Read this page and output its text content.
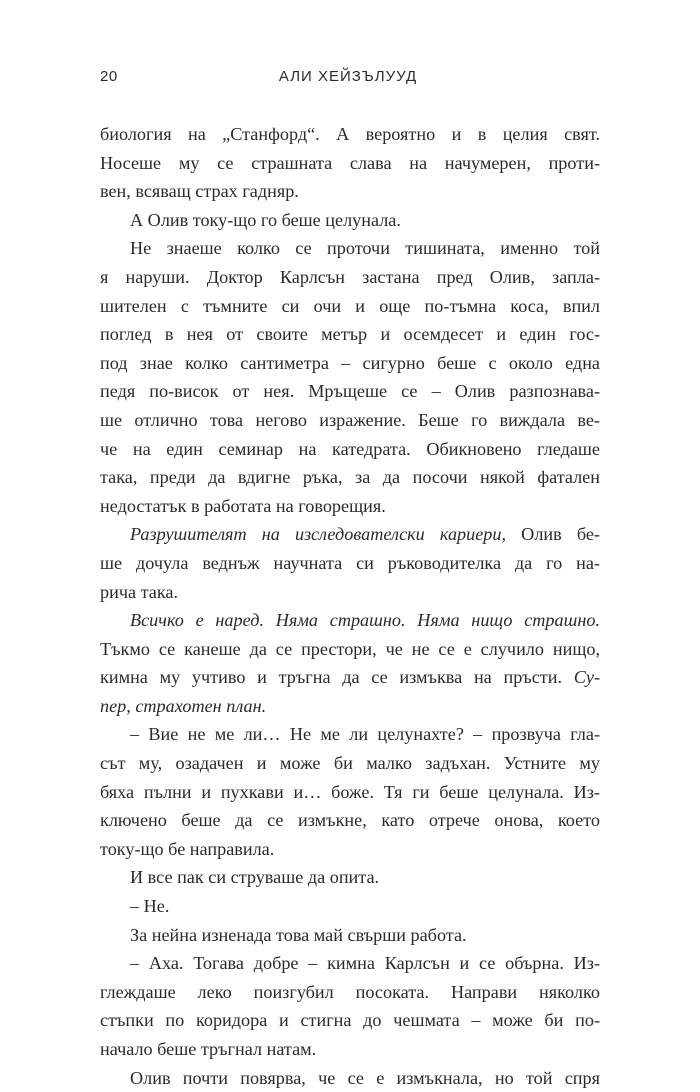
20	АЛИ ХЕЙЗЪЛУУД
биология на „Станфорд“. А вероятно и в целия свят.
Носеше му се страшната слава на начумерен, проти-
вен, всяващ страх гадняр.
А Олив току-що го беше целунала.
Не знаеше колко се проточи тишината, именно той
я наруши. Доктор Карлсън застана пред Олив, запла-
шителен с тъмните си очи и още по-тъмна коса, впил
поглед в нея от своите метър и осемдесет и един гос-
под знае колко сантиметра – сигурно беше с около една
педя по-висок от нея. Мръщеше се – Олив разпознава-
ше отлично това негово изражение. Беше го виждала ве-
че на един семинар на катедрата. Обикновено гледаше
така, преди да вдигне ръка, за да посочи някой фатален
недостатък в работата на говорещия.
Разрушителят на изследователски кариери, Олив бе-
ше дочула веднъж научната си ръководителка да го на-
рича така.
Всичко е наред. Няма страшно. Няма нищо страшно.
Тъкмо се канеше да се престори, че не се е случило нищо,
кимна му учтиво и тръгна да се измъква на пръсти. Су-
пер, страхотен план.
– Вие не ме ли… Не ме ли целунахте? – прозвуча гла-
сът му, озадачен и може би малко задъхан. Устните му
бяха пълни и пухкави и… боже. Тя ги беше целунала. Из-
ключено беше да се измъкне, като отрече онова, което
току-що бе направила.
И все пак си струваше да опита.
– Не.
За нейна изненада това май свърши работа.
– Аха. Тогава добре – кимна Карлсън и се обърна. Из-
глеждаше леко поизгубил посоката. Направи няколко
стъпки по коридора и стигна до чешмата – може би по-
начало беше тръгнал натам.
Олив почти повярва, че се е измъкнала, но той спря
